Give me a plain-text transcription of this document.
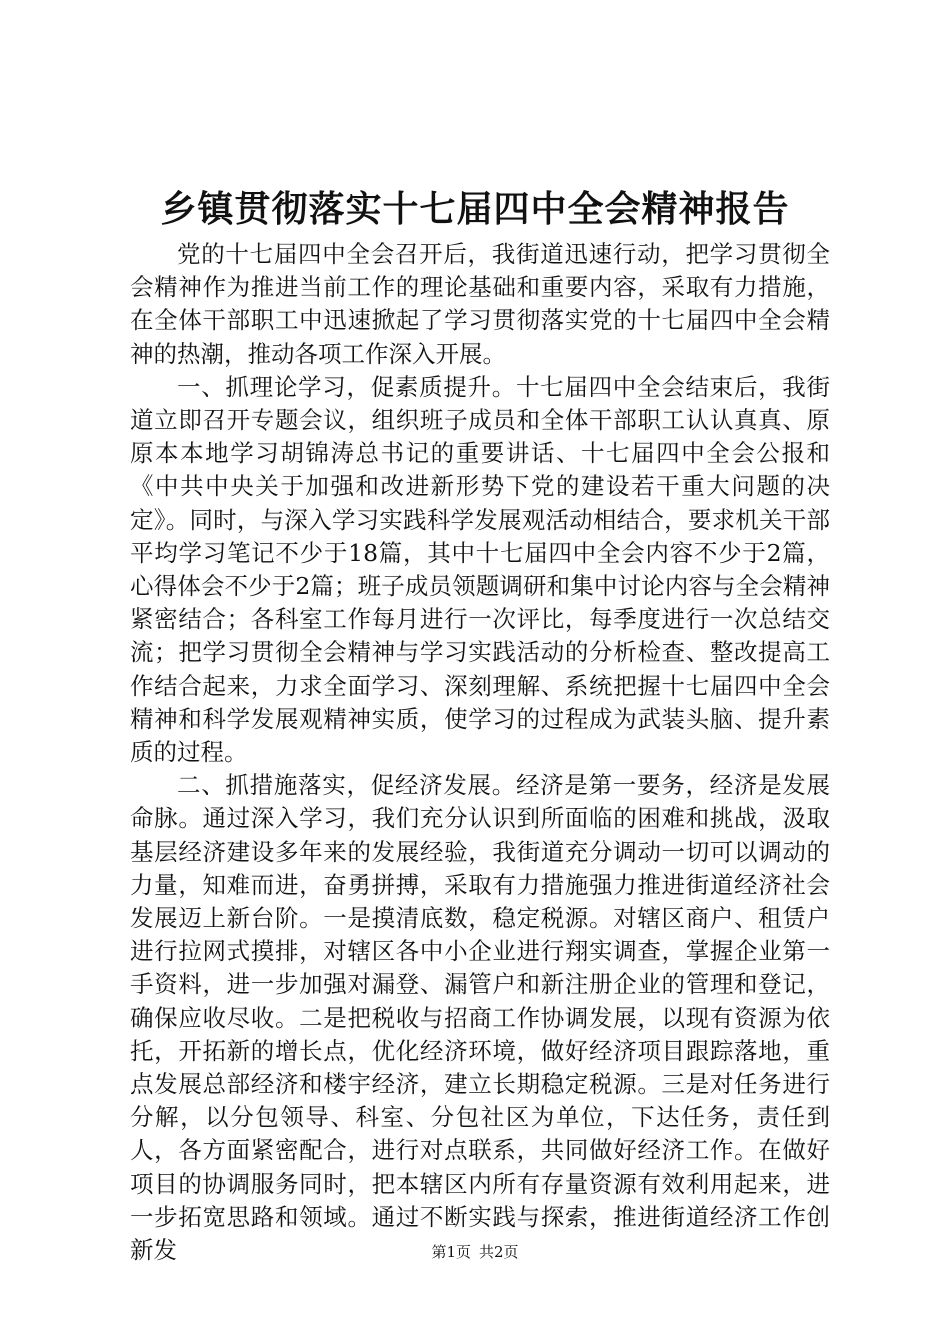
乡镇贯彻落实十七届四中全会精神报告

党的十七届四中全会召开后，我街道迅速行动，把学习贯彻全会精神作为推进当前工作的理论基础和重要内容，采取有力措施，在全体干部职工中迅速掀起了学习贯彻落实党的十七届四中全会精神的热潮，推动各项工作深入开展。

一、抓理论学习，促素质提升。十七届四中全会结束后，我街道立即召开专题会议，组织班子成员和全体干部职工认认真真、原原本本地学习胡锦涛总书记的重要讲话、十七届四中全会公报和《中共中央关于加强和改进新形势下党的建设若干重大问题的决定》。同时，与深入学习实践科学发展观活动相结合，要求机关干部平均学习笔记不少于18篇，其中十七届四中全会内容不少于2篇，心得体会不少于2篇；班子成员领题调研和集中讨论内容与全会精神紧密结合；各科室工作每月进行一次评比，每季度进行一次总结交流；把学习贯彻全会精神与学习实践活动的分析检查、整改提高工作结合起来，力求全面学习、深刻理解、系统把握十七届四中全会精神和科学发展观精神实质，使学习的过程成为武装头脑、提升素质的过程。

二、抓措施落实，促经济发展。经济是第一要务，经济是发展命脉。通过深入学习，我们充分认识到所面临的困难和挑战，汲取基层经济建设多年来的发展经验，我街道充分调动一切可以调动的力量，知难而进，奋勇拼搏，采取有力措施强力推进街道经济社会发展迈上新台阶。一是摸清底数，稳定税源。对辖区商户、租赁户进行拉网式摸排，对辖区各中小企业进行翔实调查，掌握企业第一手资料，进一步加强对漏登、漏管户和新注册企业的管理和登记，确保应收尽收。二是把税收与招商工作协调发展，以现有资源为依托，开拓新的增长点，优化经济环境，做好经济项目跟踪落地，重点发展总部经济和楼宇经济，建立长期稳定税源。三是对任务进行分解，以分包领导、科室、分包社区为单位，下达任务，责任到人，各方面紧密配合，进行对点联系，共同做好经济工作。在做好项目的协调服务同时，把本辖区内所有存量资源有效利用起来，进一步拓宽思路和领域。通过不断实践与探索，推进街道经济工作创新发	第1页 共2页
